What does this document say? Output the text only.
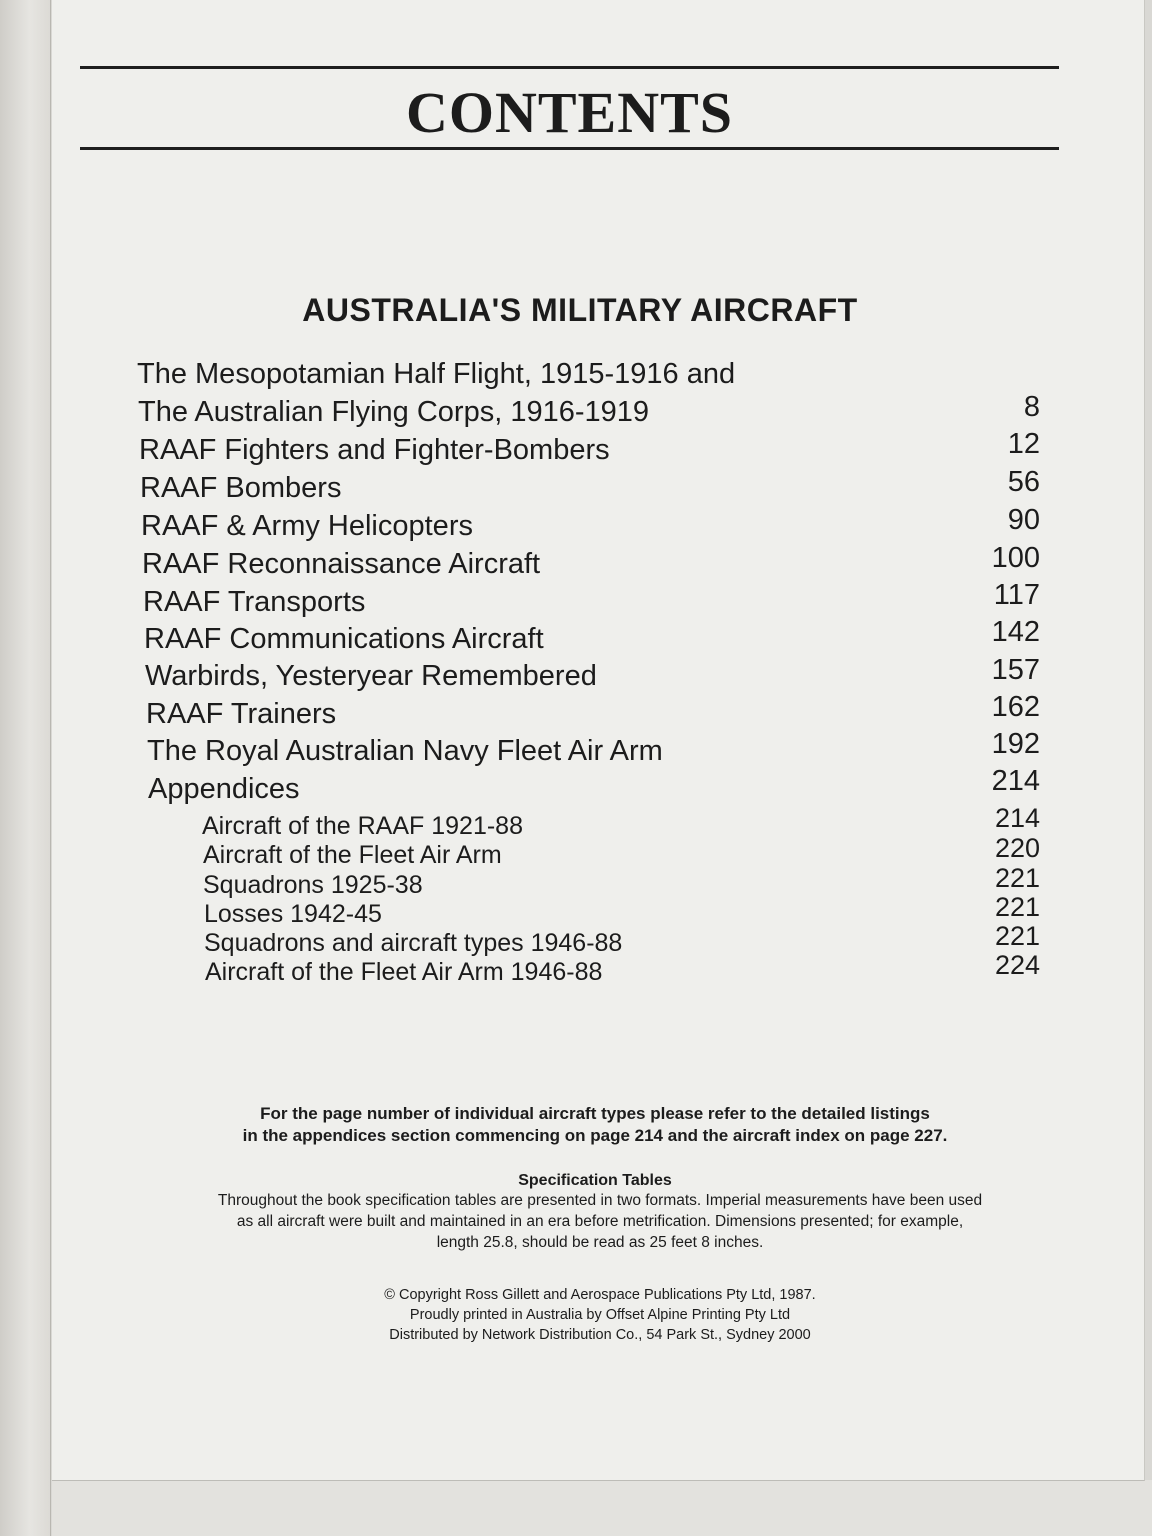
CONTENTS
AUSTRALIA'S MILITARY AIRCRAFT
The Mesopotamian Half Flight, 1915-1916 and
The Australian Flying Corps, 1916-1919	8
RAAF Fighters and Fighter-Bombers	12
RAAF Bombers	56
RAAF & Army Helicopters	90
RAAF Reconnaissance Aircraft	100
RAAF Transports	117
RAAF Communications Aircraft	142
Warbirds, Yesteryear Remembered	157
RAAF Trainers	162
The Royal Australian Navy Fleet Air Arm	192
Appendices	214
Aircraft of the RAAF 1921-88	214
Aircraft of the Fleet Air Arm	220
Squadrons 1925-38	221
Losses 1942-45	221
Squadrons and aircraft types 1946-88	221
Aircraft of the Fleet Air Arm 1946-88	224
For the page number of individual aircraft types please refer to the detailed listings
in the appendices section commencing on page 214 and the aircraft index on page 227.
Specification Tables
Throughout the book specification tables are presented in two formats. Imperial measurements have been used
as all aircraft were built and maintained in an era before metrification. Dimensions presented; for example,
length 25.8, should be read as 25 feet 8 inches.
© Copyright Ross Gillett and Aerospace Publications Pty Ltd, 1987.
Proudly printed in Australia by Offset Alpine Printing Pty Ltd
Distributed by Network Distribution Co., 54 Park St., Sydney 2000
